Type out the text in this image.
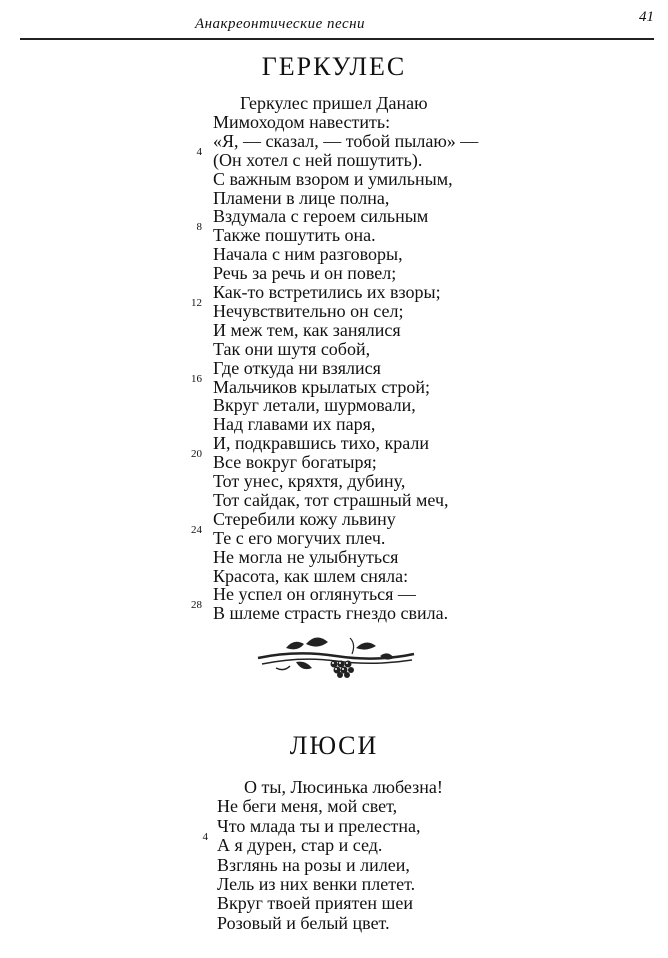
Анакреонтические песни	41
ГЕРКУЛЕС
Геркулес пришел Данаю
Мимоходом навестить:
«Я, — сказал, — тобой пылаю» —
(Он хотел с ней пошутить).
С важным взором и умильным,
Пламени в лице полна,
Вздумала с героем сильным
Также пошутить она.
Начала с ним разговоры,
Речь за речь и он повел;
Как-то встретились их взоры;
Нечувствительно он сел;
И меж тем, как занялися
Так они шутя собой,
Где откуда ни взялися
Мальчиков крылатых строй;
Вкруг летали, шурмовали,
Над главами их паря,
И, подкравшись тихо, крали
Все вокруг богатыря;
Тот унес, кряхтя, дубину,
Тот сайдак, тот страшный меч,
Стеребили кожу львину
Те с его могучих плеч.
Не могла не улыбнуться
Красота, как шлем сняла:
Не успел он оглянуться —
В шлеме страсть гнездо свила.
4
8
12
16
20
24
28
ЛЮСИ
О ты, Люсинька любезна!
Не беги меня, мой свет,
Что млада ты и прелестна,
А я дурен, стар и сед.
Взглянь на розы и лилеи,
Лель из них венки плетет.
Вкруг твоей приятен шеи
Розовый и белый цвет.
4
